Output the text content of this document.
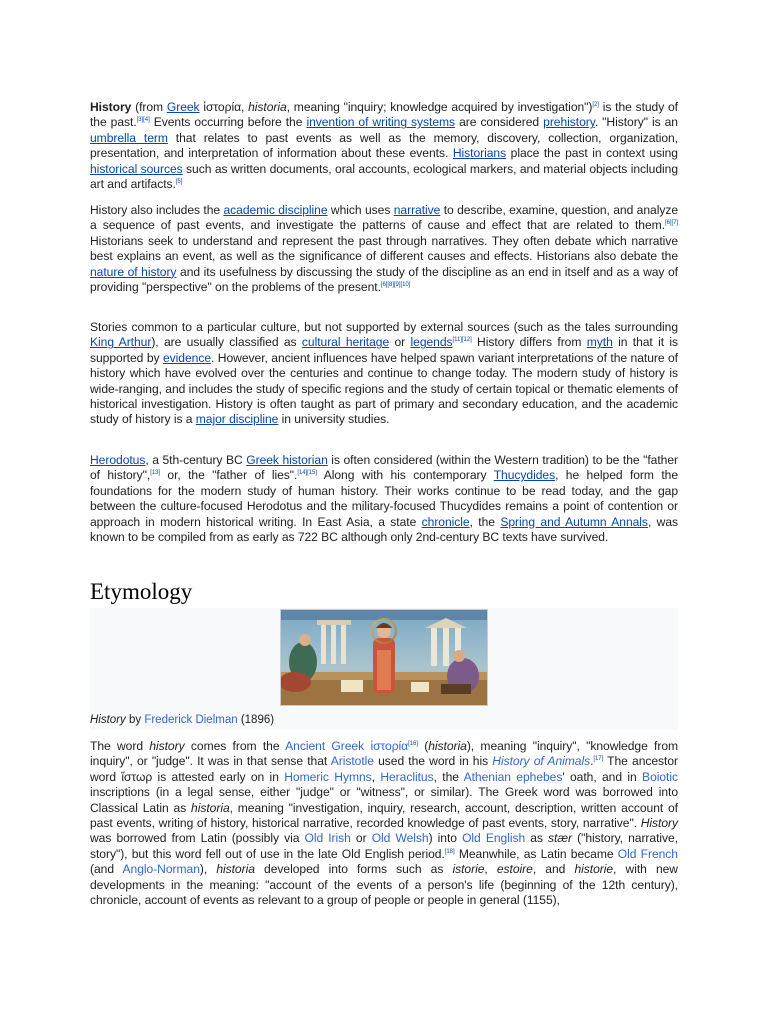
History (from Greek ἱστορία, historia, meaning "inquiry; knowledge acquired by investigation")[2] is the study of the past.[3][4] Events occurring before the invention of writing systems are considered prehistory. "History" is an umbrella term that relates to past events as well as the memory, discovery, collection, organization, presentation, and interpretation of information about these events. Historians place the past in context using historical sources such as written documents, oral accounts, ecological markers, and material objects including art and artifacts.[5]

History also includes the academic discipline which uses narrative to describe, examine, question, and analyze a sequence of past events, and investigate the patterns of cause and effect that are related to them.[6][7] Historians seek to understand and represent the past through narratives. They often debate which narrative best explains an event, as well as the significance of different causes and effects. Historians also debate the nature of history and its usefulness by discussing the study of the discipline as an end in itself and as a way of providing "perspective" on the problems of the present.[6][8][9][10]

Stories common to a particular culture, but not supported by external sources (such as the tales surrounding King Arthur), are usually classified as cultural heritage or legends[11][12] History differs from myth in that it is supported by evidence. However, ancient influences have helped spawn variant interpretations of the nature of history which have evolved over the centuries and continue to change today. The modern study of history is wide-ranging, and includes the study of specific regions and the study of certain topical or thematic elements of historical investigation. History is often taught as part of primary and secondary education, and the academic study of history is a major discipline in university studies.

Herodotus, a 5th-century BC Greek historian is often considered (within the Western tradition) to be the "father of history",[13] or, the "father of lies".[14][15] Along with his contemporary Thucydides, he helped form the foundations for the modern study of human history. Their works continue to be read today, and the gap between the culture-focused Herodotus and the military-focused Thucydides remains a point of contention or approach in modern historical writing. In East Asia, a state chronicle, the Spring and Autumn Annals, was known to be compiled from as early as 722 BC although only 2nd-century BC texts have survived.

Etymology
History by Frederick Dielman (1896)

The word history comes from the Ancient Greek ἱστορία[16] (historia), meaning "inquiry", "knowledge from inquiry", or "judge". It was in that sense that Aristotle used the word in his History of Animals.[17] The ancestor word ἵστωρ is attested early on in Homeric Hymns, Heraclitus, the Athenian ephebes' oath, and in Boiotic inscriptions (in a legal sense, either "judge" or "witness", or similar). The Greek word was borrowed into Classical Latin as historia, meaning "investigation, inquiry, research, account, description, written account of past events, writing of history, historical narrative, recorded knowledge of past events, story, narrative". History was borrowed from Latin (possibly via Old Irish or Old Welsh) into Old English as stær ("history, narrative, story"), but this word fell out of use in the late Old English period.[18] Meanwhile, as Latin became Old French (and Anglo-Norman), historia developed into forms such as istorie, estoire, and historie, with new developments in the meaning: "account of the events of a person's life (beginning of the 12th century), chronicle, account of events as relevant to a group of people or people in general (1155),
